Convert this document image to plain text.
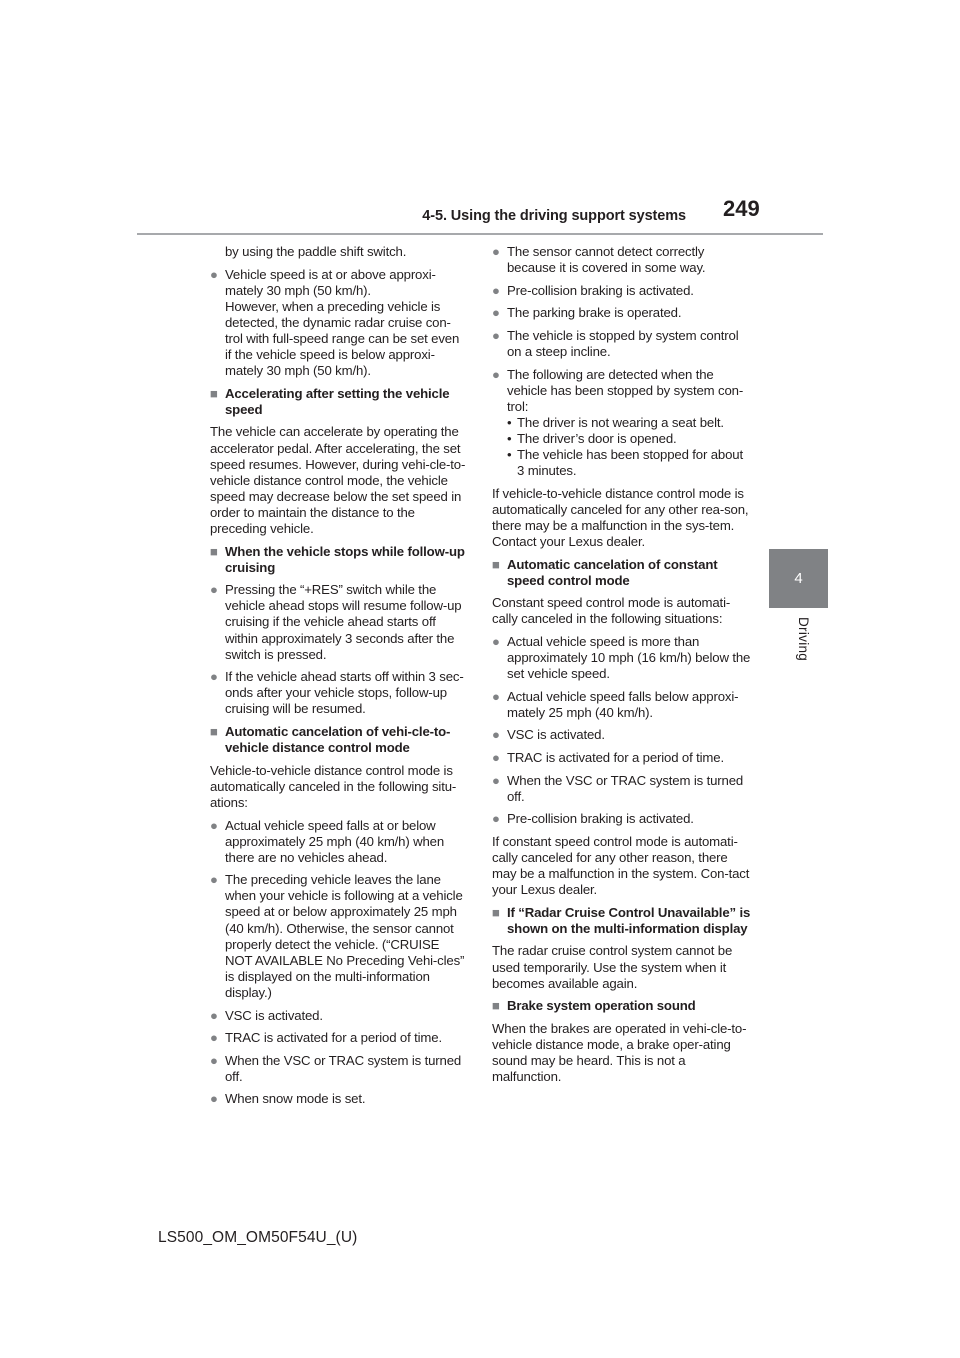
4-5. Using the driving support systems 249
4
Driving

by using the paddle shift switch.

● Vehicle speed is at or above approxi-mately 30 mph (50 km/h).
However, when a preceding vehicle is detected, the dynamic radar cruise con-trol with full-speed range can be set even if the vehicle speed is below approxi-mately 30 mph (50 km/h).
■ Accelerating after setting the vehicle speed

The vehicle can accelerate by operating the accelerator pedal. After accelerating, the set speed resumes. However, during vehi-cle-to-vehicle distance control mode, the vehicle speed may decrease below the set speed in order to maintain the distance to the preceding vehicle.

■ When the vehicle stops while follow-up cruising
● Pressing the “+RES” switch while the vehicle ahead stops will resume follow-up cruising if the vehicle ahead starts off within approximately 3 seconds after the switch is pressed.
● If the vehicle ahead starts off within 3 sec-onds after your vehicle stops, follow-up cruising will be resumed.
■ Automatic cancelation of vehi-cle-to-vehicle distance control mode

Vehicle-to-vehicle distance control mode is automatically canceled in the following situ-ations:

● Actual vehicle speed falls at or below approximately 25 mph (40 km/h) when there are no vehicles ahead.
● The preceding vehicle leaves the lane when your vehicle is following at a vehicle speed at or below approximately 25 mph (40 km/h). Otherwise, the sensor cannot properly detect the vehicle. (“CRUISE NOT AVAILABLE No Preceding Vehi-cles” is displayed on the multi-information display.)
● VSC is activated.
● TRAC is activated for a period of time.
● When the VSC or TRAC system is turned off.
● When snow mode is set.
● The sensor cannot detect correctly because it is covered in some way.
● Pre-collision braking is activated.
● The parking brake is operated.
● The vehicle is stopped by system control on a steep incline.
● The following are detected when the vehicle has been stopped by system con-trol:

• The driver is not wearing a seat belt.

• The driver’s door is opened.

• The vehicle has been stopped for about 3 minutes.

If vehicle-to-vehicle distance control mode is automatically canceled for any other rea-son, there may be a malfunction in the sys-tem. Contact your Lexus dealer.

■ Automatic cancelation of constant speed control mode

Constant speed control mode is automati-cally canceled in the following situations:

● Actual vehicle speed is more than approximately 10 mph (16 km/h) below the set vehicle speed.
● Actual vehicle speed falls below approxi-mately 25 mph (40 km/h).
● VSC is activated.
● TRAC is activated for a period of time.
● When the VSC or TRAC system is turned off.
● Pre-collision braking is activated.

If constant speed control mode is automati-cally canceled for any other reason, there may be a malfunction in the system. Con-tact your Lexus dealer.

■ If “Radar Cruise Control Unavailable” is shown on the multi-information display

The radar cruise control system cannot be used temporarily. Use the system when it becomes available again.

■ Brake system operation sound

When the brakes are operated in vehi-cle-to-vehicle distance mode, a brake oper-ating sound may be heard. This is not a malfunction.

LS500_OM_OM50F54U_(U)
